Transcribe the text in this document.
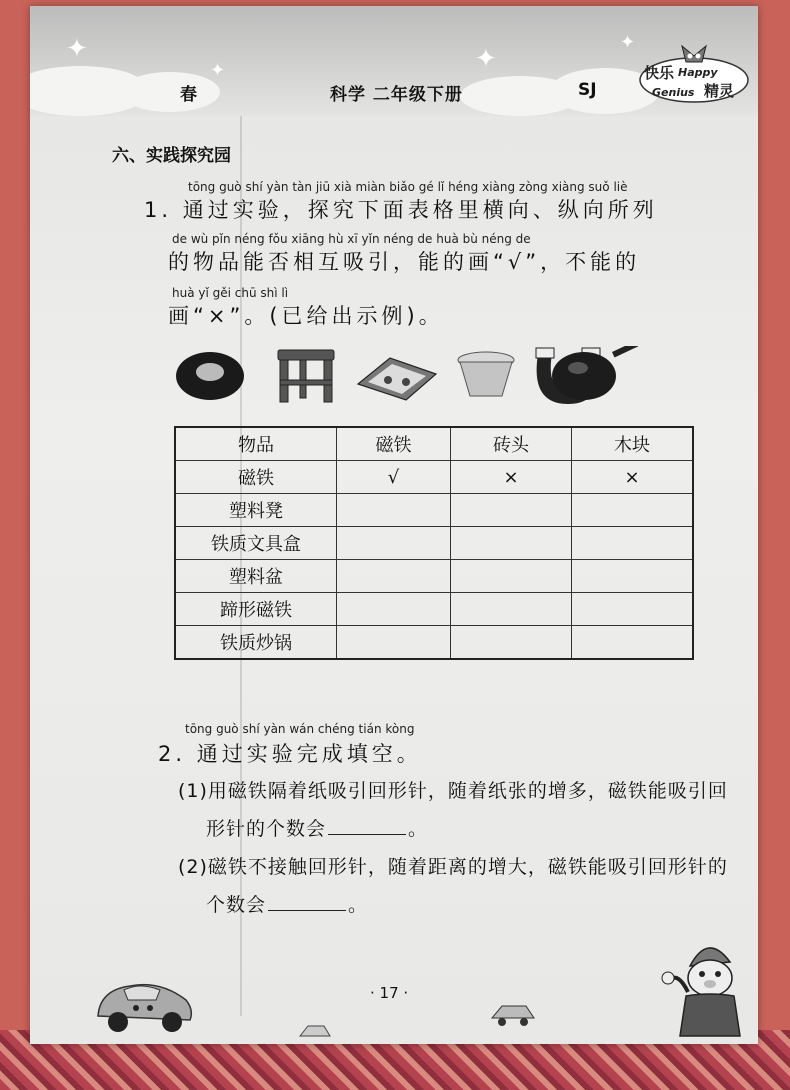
✦
✦	✦
✦
春	科学 二年级下册	SJ
快乐 Happy
Genius 精灵

六、实践探究园
tōng guò shí yàn tàn jiū xià miàn biǎo gé lǐ héng xiàng zòng xiàng suǒ liè
1. 通过实验，探究下面表格里横向、纵向所列
de wù pǐn néng fǒu xiāng hù xī yǐn néng de huà bù néng de
的物品能否相互吸引，能的画“√”，不能的
huà yǐ gěi chū shì lì
画“×”。(已给出示例)。
物品	磁铁	砖头	木块
磁铁	√	×	×
塑料凳			
铁质文具盒			
塑料盆			
蹄形磁铁			
铁质炒锅			
tōng guò shí yàn wán chéng tián kòng
2. 通过实验完成填空。
(1)用磁铁隔着纸吸引回形针，随着纸张的增多，磁铁能吸引回
形针的个数会	。
(2)磁铁不接触回形针，随着距离的增大，磁铁能吸引回形针的
个数会	。
· 17 ·
